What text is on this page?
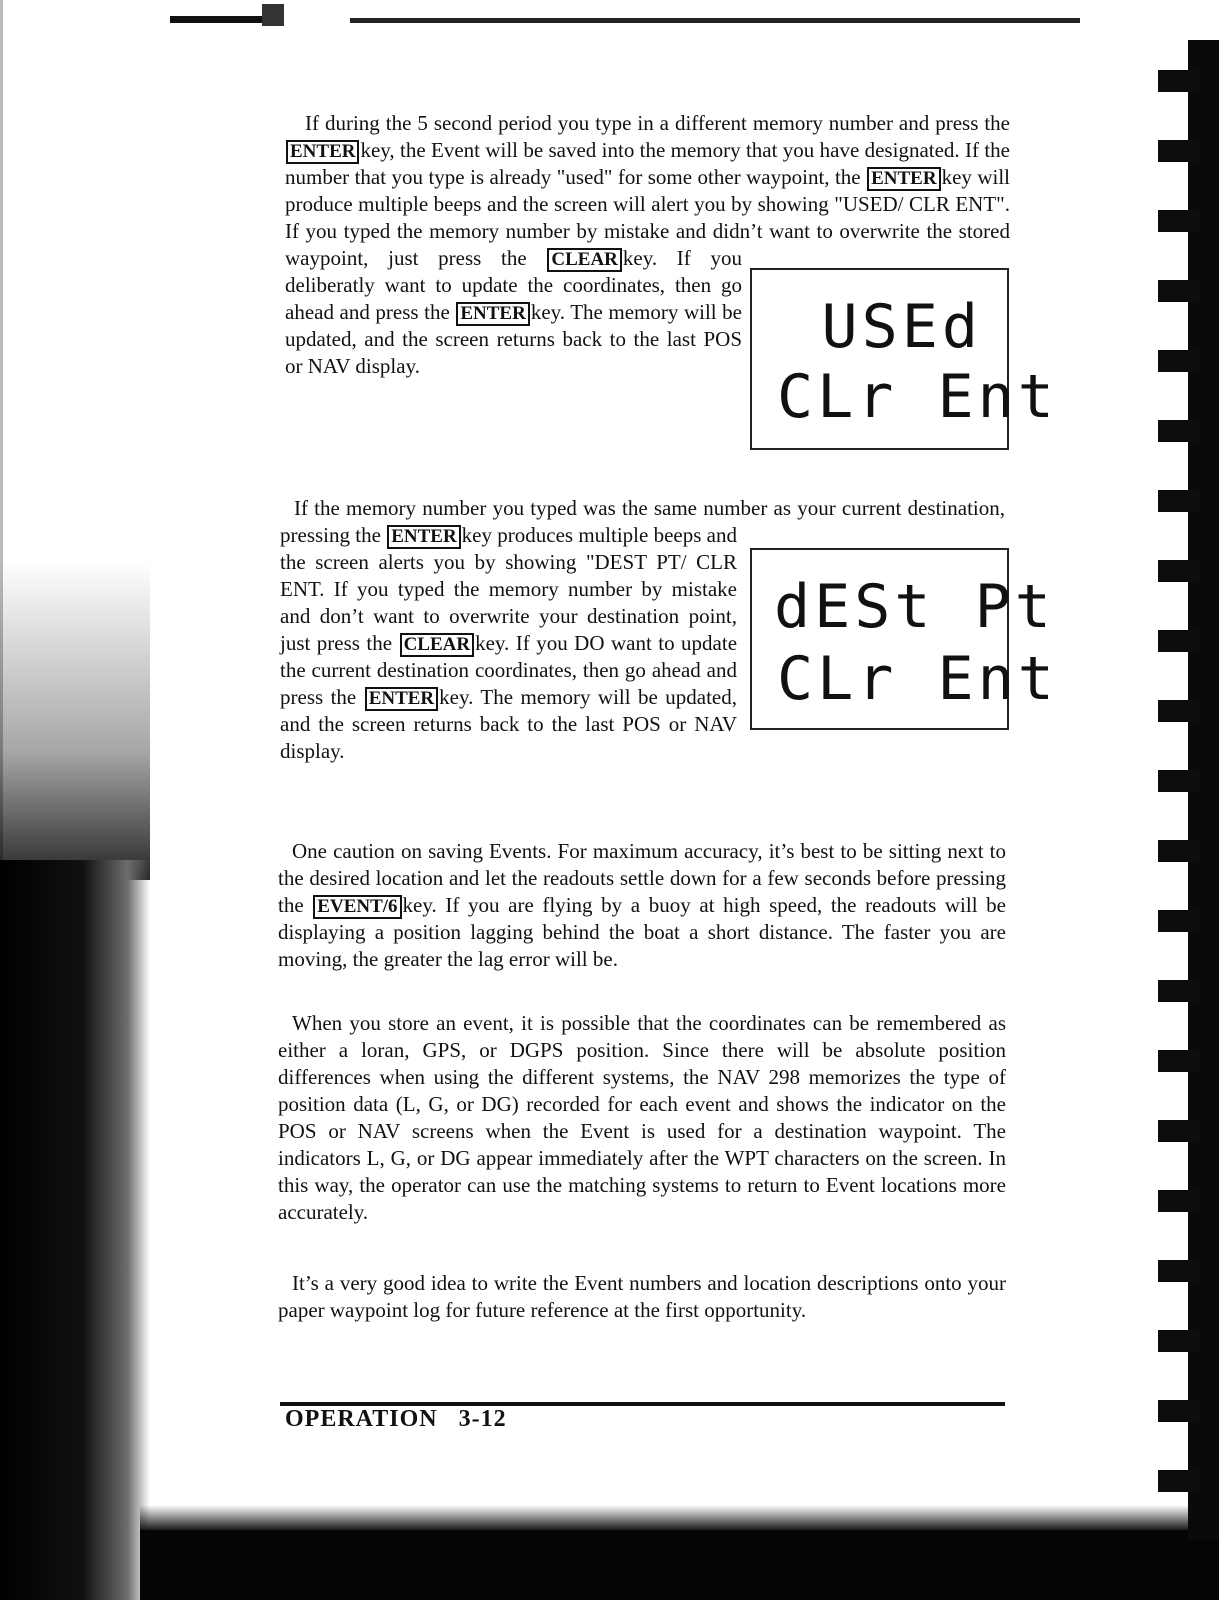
If during the 5 second period you type in a different memory number and press the ENTER key, the Event will be saved into the memory that you have designated. If the number that you type is already "used" for some other waypoint, the ENTER key will produce multiple beeps and the screen will alert you by showing "USED/ CLR ENT". If you typed the memory number by mistake and didn’t want to overwrite the stored waypoint, just press the CLEAR key. If you deliberatly want to update the coordinates, then go ahead and press the ENTER key. The memory will be updated, and the screen returns back to the last POS or NAV display.
USEd
CLr Ent
If the memory number you typed was the same number as your current destination, pressing the ENTER key produces multiple beeps and the screen alerts you by showing "DEST PT/ CLR ENT. If you typed the memory number by mistake and don’t want to overwrite your destination point, just press the CLEAR key. If you DO want to update the current destination coordinates, then go ahead and press the ENTER key. The memory will be updated, and the screen returns back to the last POS or NAV display.
dESt Pt
CLr Ent
One caution on saving Events. For maximum accuracy, it’s best to be sitting next to the desired location and let the readouts settle down for a few seconds before pressing the EVENT/6 key. If you are flying by a buoy at high speed, the readouts will be displaying a position lagging behind the boat a short distance. The faster you are moving, the greater the lag error will be.
When you store an event, it is possible that the coordinates can be remembered as either a loran, GPS, or DGPS position. Since there will be absolute position differences when using the different systems, the NAV 298 memorizes the type of position data (L, G, or DG) recorded for each event and shows the indicator on the POS or NAV screens when the Event is used for a destination waypoint. The indicators L, G, or DG appear immediately after the WPT characters on the screen. In this way, the operator can use the matching systems to return to Event locations more accurately.
It’s a very good idea to write the Event numbers and location descriptions onto your paper waypoint log for future reference at the first opportunity.
OPERATION 3-12
